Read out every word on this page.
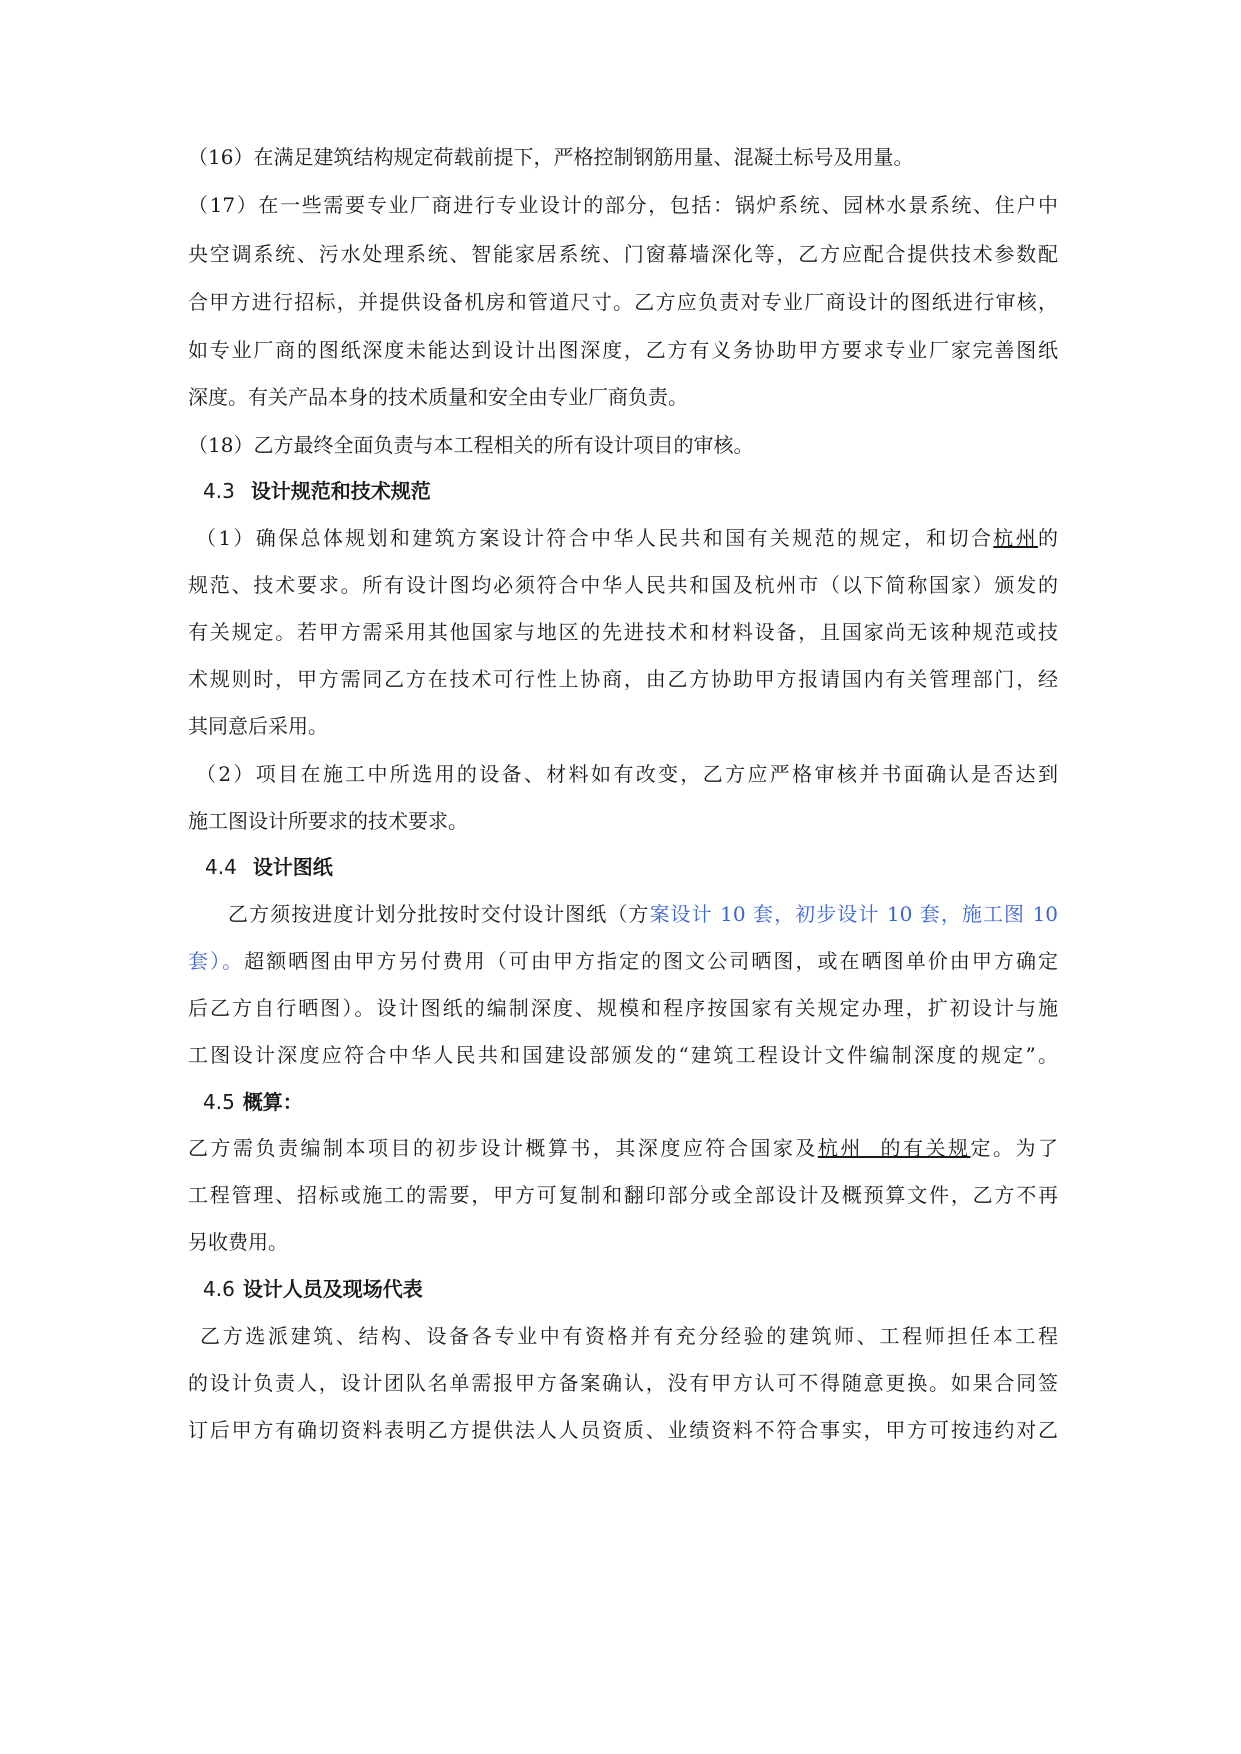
（16）在满足建筑结构规定荷载前提下，严格控制钢筋用量、混凝土标号及用量。
（17）在一些需要专业厂商进行专业设计的部分，包括：锅炉系统、园林水景系统、住户中
央空调系统、污水处理系统、智能家居系统、门窗幕墙深化等，乙方应配合提供技术参数配
合甲方进行招标，并提供设备机房和管道尺寸。乙方应负责对专业厂商设计的图纸进行审核，
如专业厂商的图纸深度未能达到设计出图深度，乙方有义务协助甲方要求专业厂家完善图纸
深度。有关产品本身的技术质量和安全由专业厂商负责。
（18）乙方最终全面负责与本工程相关的所有设计项目的审核。
4.3 设计规范和技术规范
（1）确保总体规划和建筑方案设计符合中华人民共和国有关规范的规定，和切合杭州的
规范、技术要求。所有设计图均必须符合中华人民共和国及杭州市（以下简称国家）颁发的
有关规定。若甲方需采用其他国家与地区的先进技术和材料设备，且国家尚无该种规范或技
术规则时，甲方需同乙方在技术可行性上协商，由乙方协助甲方报请国内有关管理部门，经
其同意后采用。
（2）项目在施工中所选用的设备、材料如有改变，乙方应严格审核并书面确认是否达到
施工图设计所要求的技术要求。
4.4 设计图纸
乙方须按进度计划分批按时交付设计图纸（方案设计 10 套，初步设计 10 套，施工图 10
套）。超额晒图由甲方另付费用（可由甲方指定的图文公司晒图，或在晒图单价由甲方确定
后乙方自行晒图）。设计图纸的编制深度、规模和程序按国家有关规定办理，扩初设计与施
工图设计深度应符合中华人民共和国建设部颁发的“建筑工程设计文件编制深度的规定”。
4.5 概算：
乙方需负责编制本项目的初步设计概算书，其深度应符合国家及杭州  的有关规定。为了
工程管理、招标或施工的需要，甲方可复制和翻印部分或全部设计及概预算文件，乙方不再
另收费用。
4.6 设计人员及现场代表
乙方选派建筑、结构、设备各专业中有资格并有充分经验的建筑师、工程师担任本工程
的设计负责人，设计团队名单需报甲方备案确认，没有甲方认可不得随意更换。如果合同签
订后甲方有确切资料表明乙方提供法人人员资质、业绩资料不符合事实，甲方可按违约对乙
